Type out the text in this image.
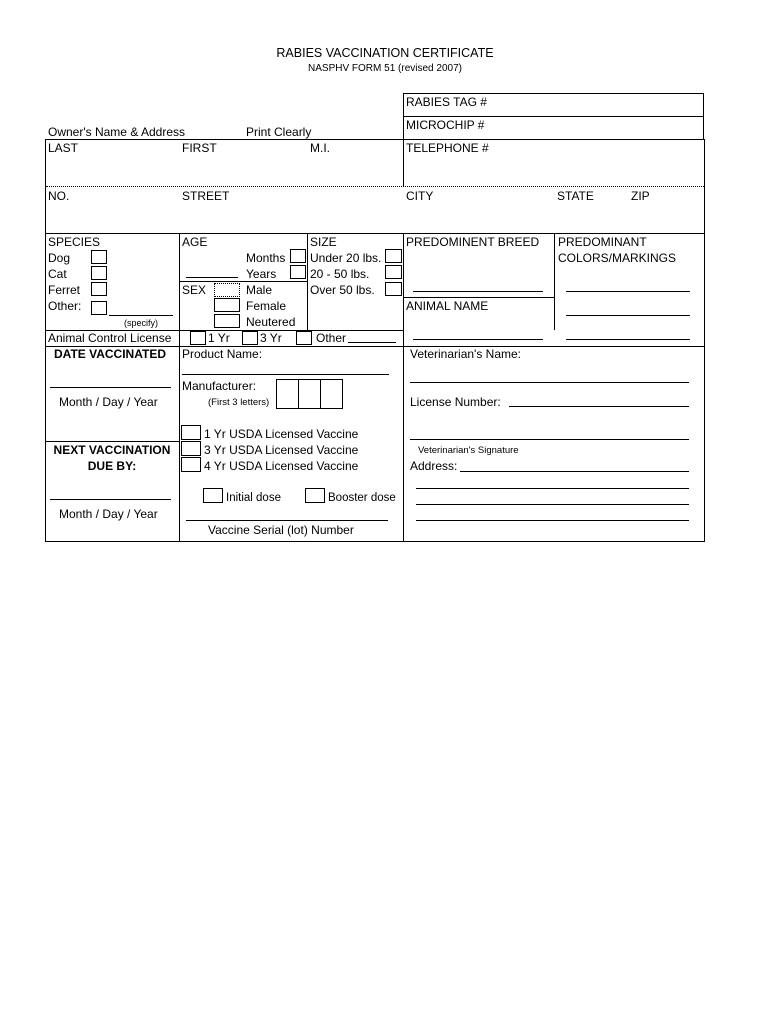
RABIES VACCINATION CERTIFICATE
NASPHV FORM 51 (revised 2007)
RABIES TAG #
MICROCHIP #
Owner's Name & Address	Print Clearly
LAST	FIRST	M.I.	TELEPHONE #
NO.	STREET	CITY	STATE	ZIP
SPECIES
Dog
Cat
Ferret
Other:
(specify)
AGE
Months
Years
SEX	Male
Female
Neutered
SIZE
Under 20 lbs.
20 - 50 lbs.
Over 50 lbs.
PREDOMINENT BREED
ANIMAL NAME
PREDOMINANT
COLORS/MARKINGS
Animal Control License	1 Yr	3 Yr	Other
DATE VACCINATED
Month / Day / Year
NEXT VACCINATION
DUE BY:
Month / Day / Year
Product Name:
Manufacturer:
(First 3 letters)
1 Yr USDA Licensed Vaccine
3 Yr USDA Licensed Vaccine
4 Yr USDA Licensed Vaccine
Initial dose	Booster dose
Vaccine Serial (lot) Number
Veterinarian's Name:
License Number:
Veterinarian's Signature
Address:
